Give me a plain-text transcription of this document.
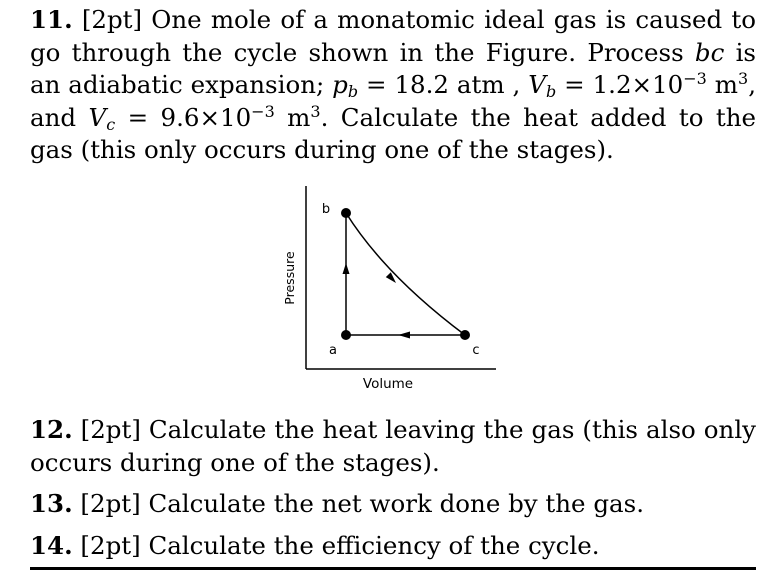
11. [2pt] One mole of a monatomic ideal gas is caused to go through the cycle shown in the Figure. Process bc is an adiabatic expansion; $p_b = 18.2$ atm , $V_b = 1.2\times 10^{-3}$ $m^3$, and $V_c = 9.6\times 10^{-3}$ $m^3$. Calculate the heat added to the gas (this only occurs during one of the stages).

12. [2pt] Calculate the heat leaving the gas (this also only occurs during one of the stages).

13. [2pt] Calculate the net work done by the gas.

14. [2pt] Calculate the efficiency of the cycle.

b
a	c
Pressure
Volume
